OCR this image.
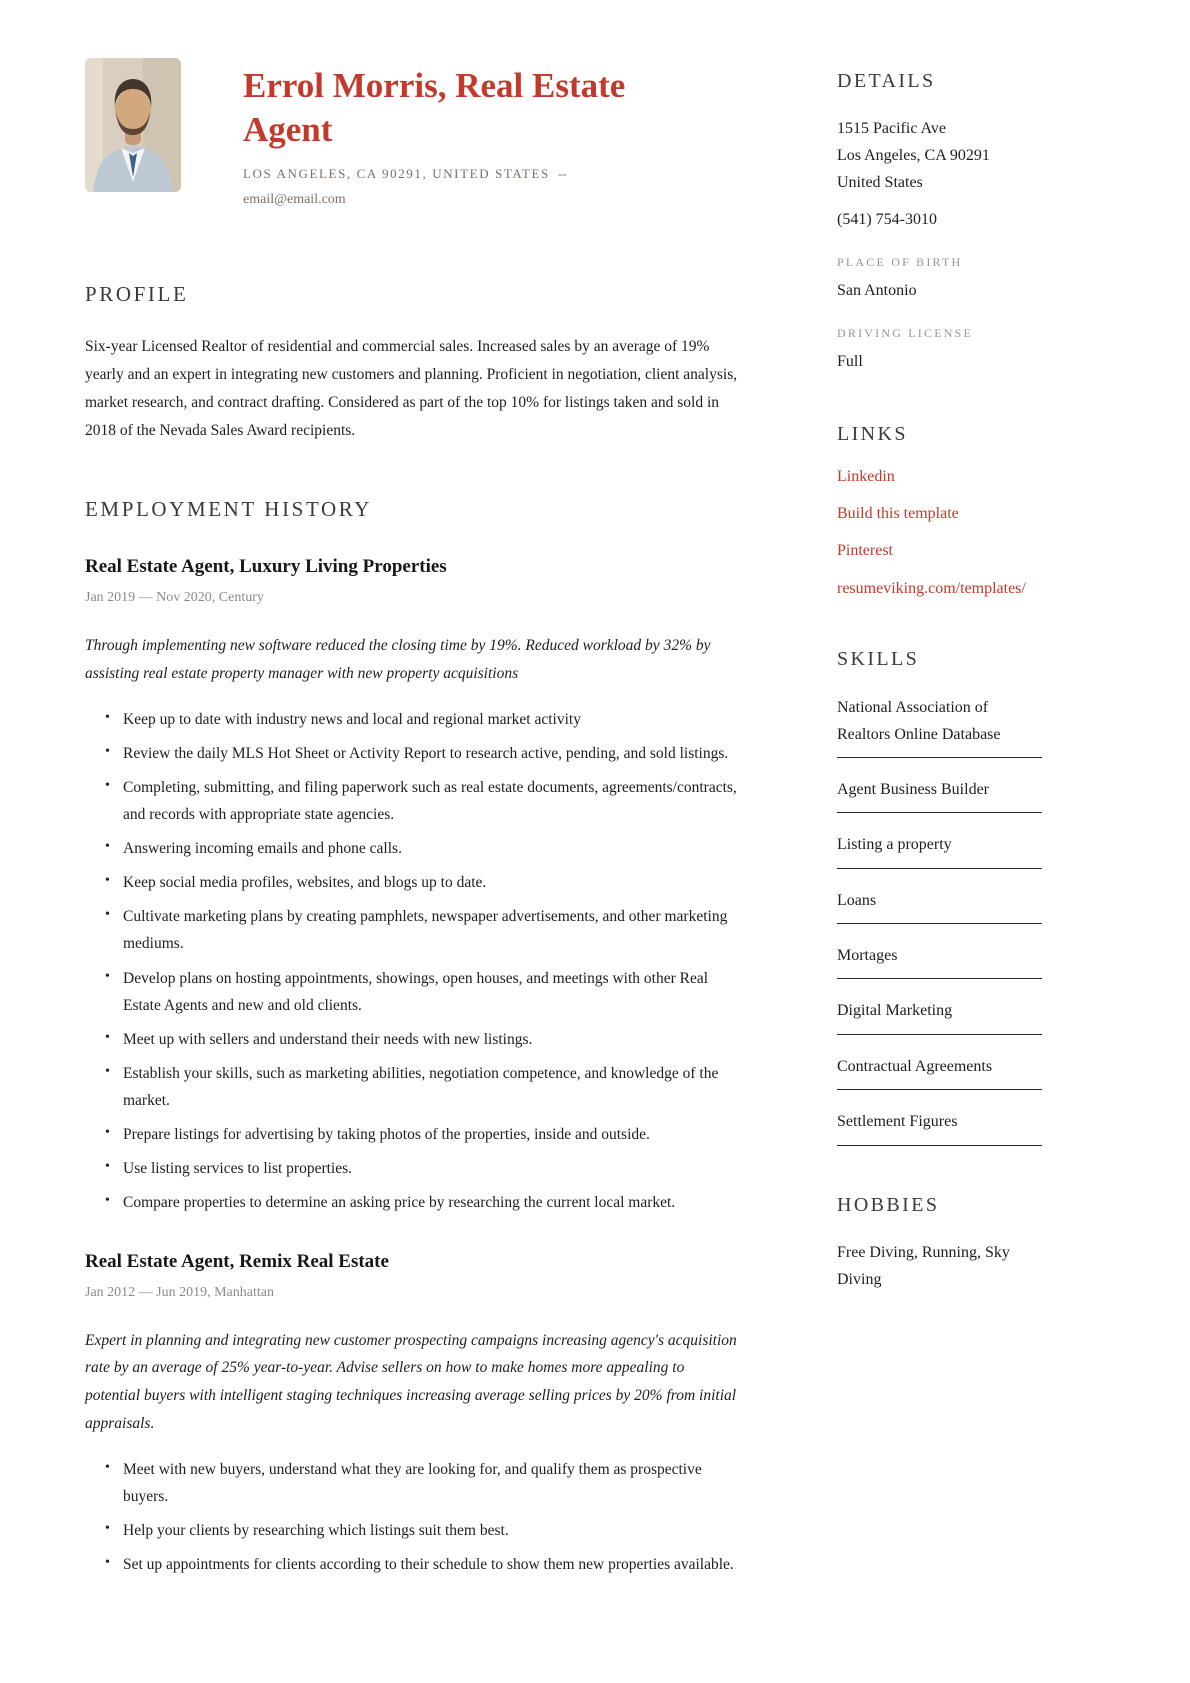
Errol Morris, Real Estate Agent
LOS ANGELES, CA 90291, UNITED STATES --
email@email.com
PROFILE

Six-year Licensed Realtor of residential and commercial sales. Increased sales by an average of 19% yearly and an expert in integrating new customers and planning. Proficient in negotiation, client analysis, market research, and contract drafting. Considered as part of the top 10% for listings taken and sold in 2018 of the Nevada Sales Award recipients.

EMPLOYMENT HISTORY
Real Estate Agent, Luxury Living Properties
Jan 2019 — Nov 2020, Century

Through implementing new software reduced the closing time by 19%. Reduced workload by 32% by assisting real estate property manager with new property acquisitions

• Keep up to date with industry news and local and regional market activity
• Review the daily MLS Hot Sheet or Activity Report to research active, pending, and sold listings.
• Completing, submitting, and filing paperwork such as real estate documents, agreements/contracts, and records with appropriate state agencies.
• Answering incoming emails and phone calls.
• Keep social media profiles, websites, and blogs up to date.
• Cultivate marketing plans by creating pamphlets, newspaper advertisements, and other marketing mediums.
• Develop plans on hosting appointments, showings, open houses, and meetings with other Real Estate Agents and new and old clients.
• Meet up with sellers and understand their needs with new listings.
• Establish your skills, such as marketing abilities, negotiation competence, and knowledge of the market.
• Prepare listings for advertising by taking photos of the properties, inside and outside.
• Use listing services to list properties.
• Compare properties to determine an asking price by researching the current local market.
Real Estate Agent, Remix Real Estate
Jan 2012 — Jun 2019, Manhattan

Expert in planning and integrating new customer prospecting campaigns increasing agency's acquisition rate by an average of 25% year-to-year. Advise sellers on how to make homes more appealing to potential buyers with intelligent staging techniques increasing average selling prices by 20% from initial appraisals.

• Meet with new buyers, understand what they are looking for, and qualify them as prospective buyers.
• Help your clients by researching which listings suit them best.
• Set up appointments for clients according to their schedule to show them new properties available.
DETAILS
1515 Pacific Ave
Los Angeles, CA 90291
United States
(541) 754-3010
PLACE OF BIRTH
San Antonio
DRIVING LICENSE
Full
LINKS
Linkedin
Build this template
Pinterest
resumeviking.com/templates/
SKILLS
National Association of Realtors Online Database
Agent Business Builder
Listing a property
Loans
Mortages
Digital Marketing
Contractual Agreements
Settlement Figures
HOBBIES
Free Diving, Running, Sky Diving
